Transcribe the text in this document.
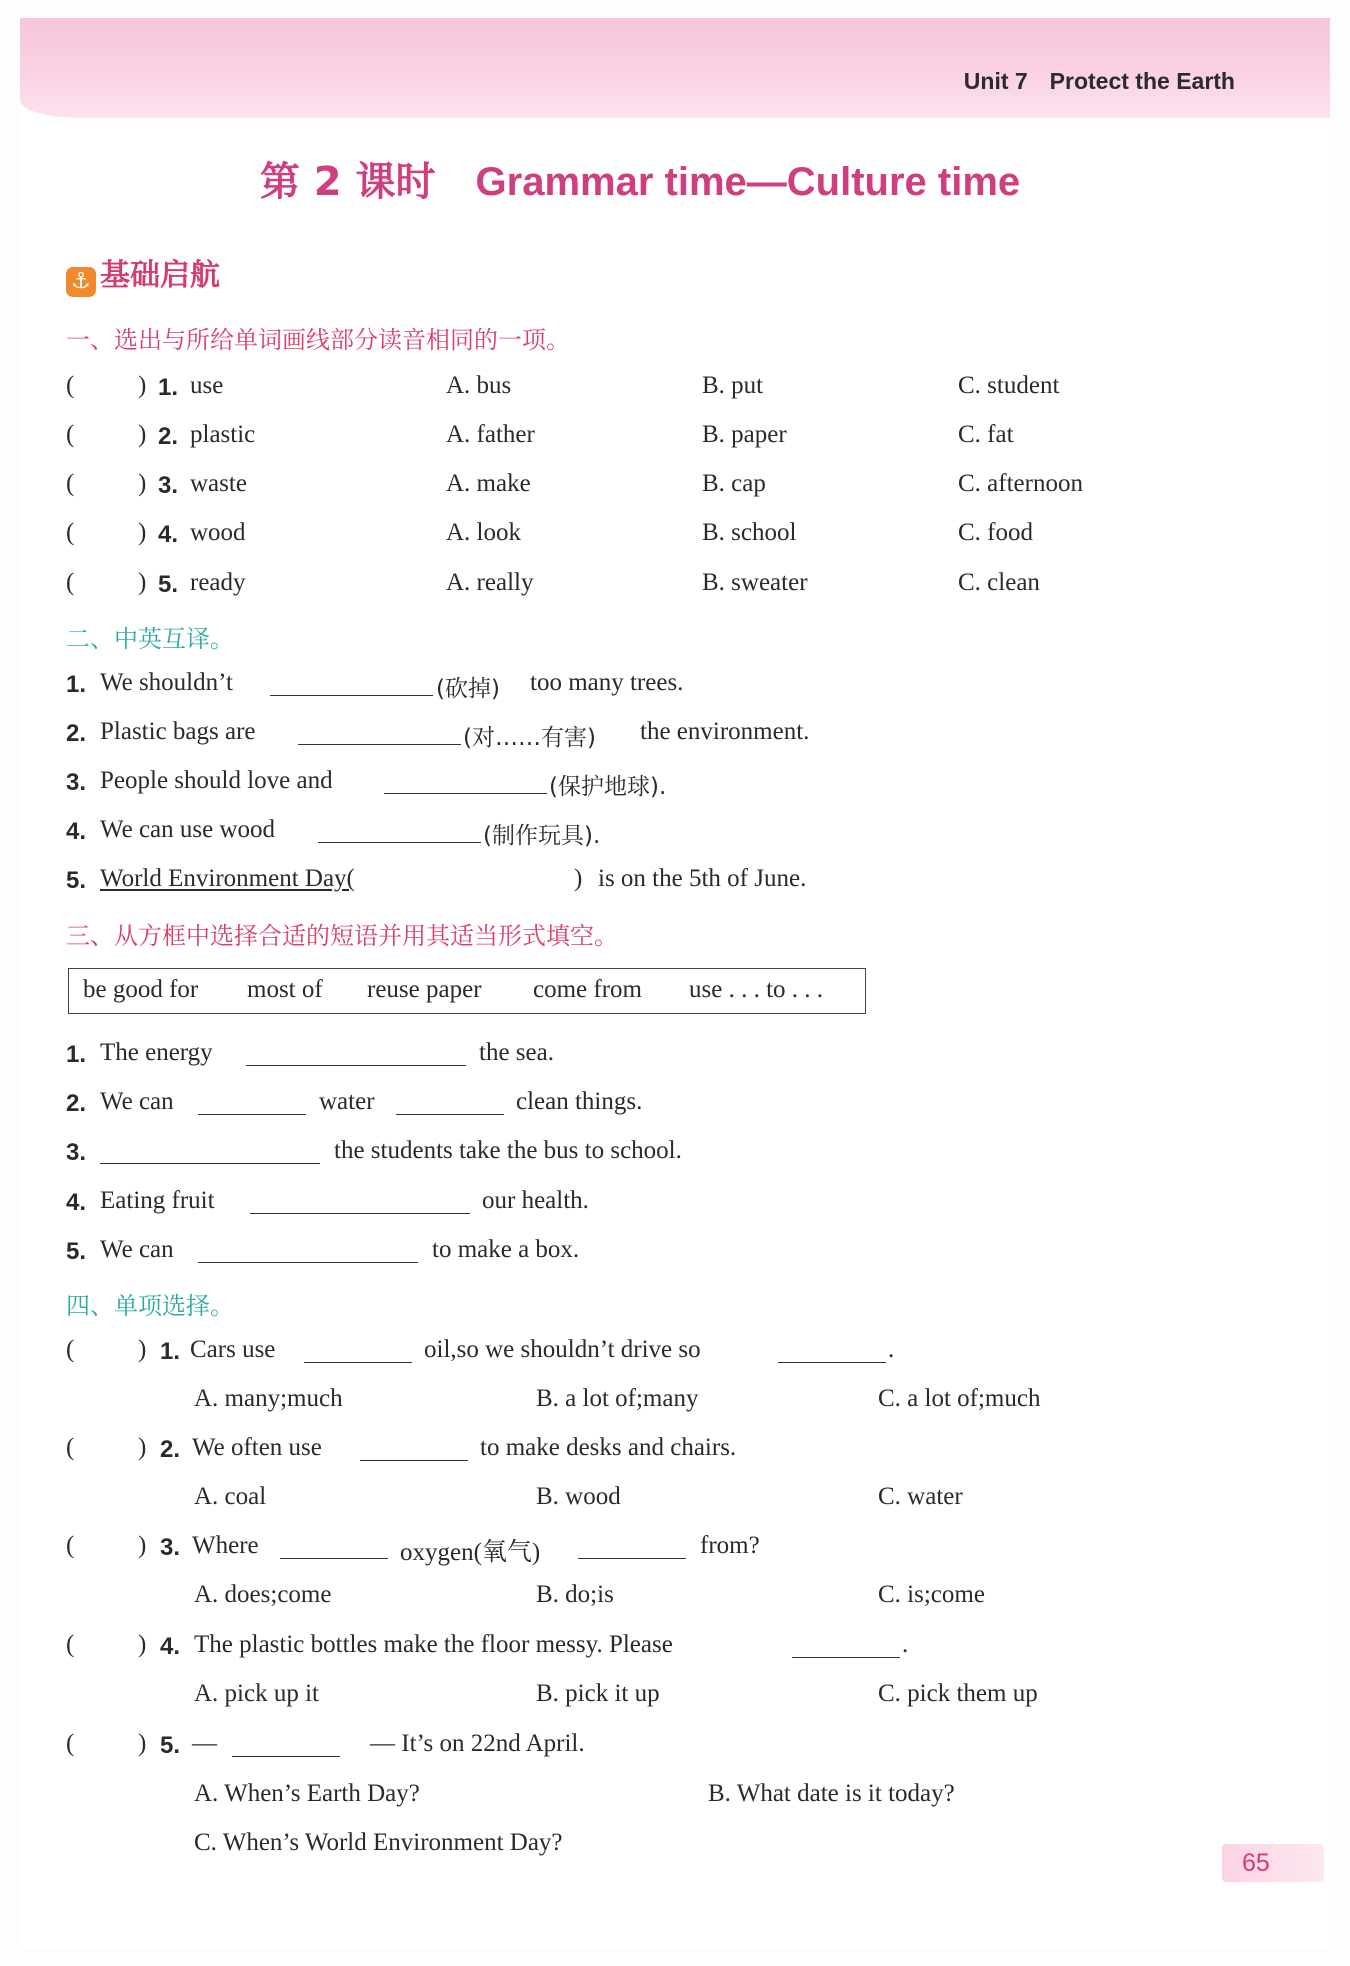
Unit 7 Protect the Earth
第 2 课时 Grammar time—Culture time
⚓ 基础启航
一、选出与所给单词画线部分读音相同的一项。
(	) 1. use	A. bus	B. put	C. student
(	) 2. plastic	A. father	B. paper	C. fat
(	) 3. waste	A. make	B. cap	C. afternoon
(	) 4. wood	A. look	B. school	C. food
(	) 5. ready	A. really	B. sweater	C. clean
二、中英互译。
1. We shouldn’t	(砍掉) too many trees.
2. Plastic bags are	(对……有害) the environment.
3. People should love and	(保护地球).
4. We can use wood	(制作玩具).
5. World Environment Day(	) is on the 5th of June.
三、从方框中选择合适的短语并用其适当形式填空。
be good for most of reuse paper come from use . . . to . . .
1. The energy	the sea.
2. We can	water	clean things.
3.	the students take the bus to school.
4. Eating fruit	our health.
5. We can	to make a box.
四、单项选择。
(	) 1. Cars use	oil,so we shouldn’t drive so	.
A. many;much	B. a lot of;many	C. a lot of;much
(	) 2. We often use	to make desks and chairs.
A. coal	B. wood	C. water
(	) 3. Where	oxygen(氧气)	from?
A. does;come	B. do;is	C. is;come
(	) 4. The plastic bottles make the floor messy. Please	.
A. pick up it	B. pick it up	C. pick them up
(	) 5. —	— It’s on 22nd April.
A. When’s Earth Day?	B. What date is it today?
C. When’s World Environment Day?
65
